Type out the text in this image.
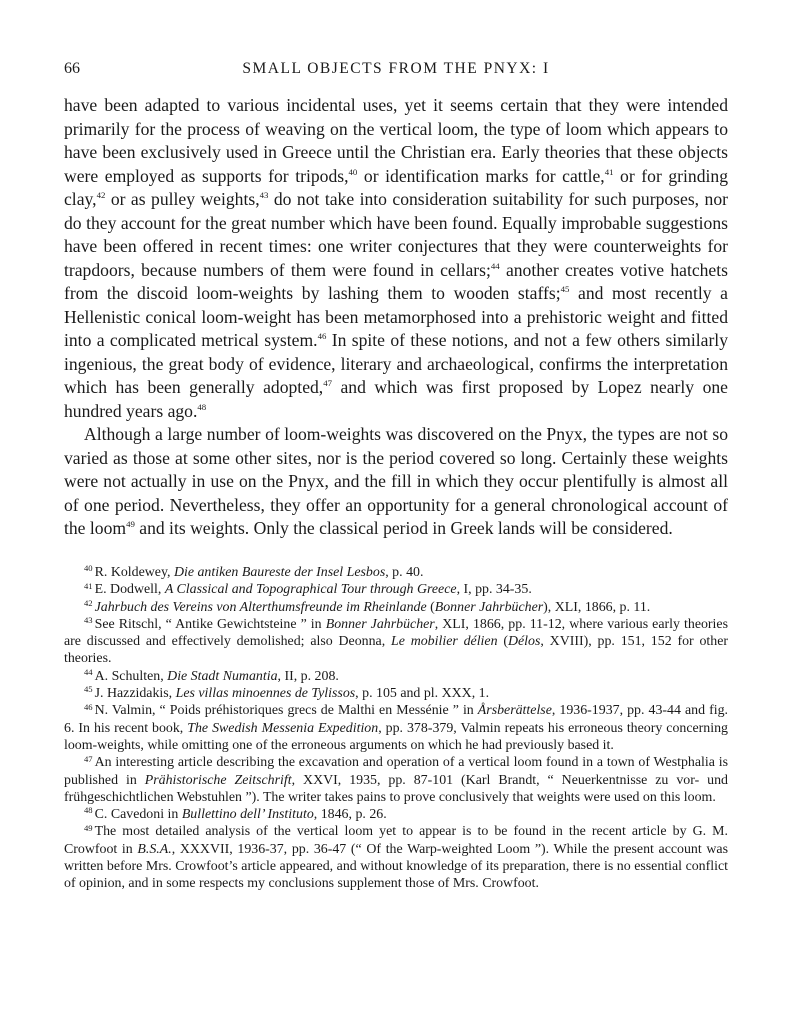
66	SMALL OBJECTS FROM THE PNYX: I

have been adapted to various incidental uses, yet it seems certain that they were intended primarily for the process of weaving on the vertical loom, the type of loom which appears to have been exclusively used in Greece until the Christian era. Early theories that these objects were employed as supports for tripods,$^{40}$ or identification marks for cattle,$^{41}$ or for grinding clay,$^{42}$ or as pulley weights,$^{43}$ do not take into consideration suitability for such purposes, nor do they account for the great number which have been found. Equally improbable suggestions have been offered in recent times: one writer conjectures that they were counterweights for trapdoors, because numbers of them were found in cellars;$^{44}$ another creates votive hatchets from the discoid loom-weights by lashing them to wooden staffs;$^{45}$ and most recently a Hellenistic conical loom-weight has been metamorphosed into a prehistoric weight and fitted into a complicated metrical system.$^{46}$ In spite of these notions, and not a few others similarly ingenious, the great body of evidence, literary and archaeological, confirms the interpretation which has been generally adopted,$^{47}$ and which was first proposed by Lopez nearly one hundred years ago.$^{48}$

Although a large number of loom-weights was discovered on the Pnyx, the types are not so varied as those at some other sites, nor is the period covered so long. Certainly these weights were not actually in use on the Pnyx, and the fill in which they occur plentifully is almost all of one period. Nevertheless, they offer an opportunity for a general chronological account of the loom$^{49}$ and its weights. Only the classical period in Greek lands will be considered.

$^{40}$ R. Koldewey, Die antiken Baureste der Insel Lesbos, p. 40.

$^{41}$ E. Dodwell, A Classical and Topographical Tour through Greece, I, pp. 34-35.

$^{42}$ Jahrbuch des Vereins von Alterthumsfreunde im Rheinlande (Bonner Jahrbücher), XLI, 1866, p. 11.

$^{43}$ See Ritschl, “ Antike Gewichtsteine ” in Bonner Jahrbücher, XLI, 1866, pp. 11-12, where various early theories are discussed and effectively demolished; also Deonna, Le mobilier délien (Délos, XVIII), pp. 151, 152 for other theories.

$^{44}$ A. Schulten, Die Stadt Numantia, II, p. 208.

$^{45}$ J. Hazzidakis, Les villas minoennes de Tylissos, p. 105 and pl. XXX, 1.

$^{46}$ N. Valmin, “ Poids préhistoriques grecs de Malthi en Messénie ” in Årsberättelse, 1936-1937, pp. 43-44 and fig. 6. In his recent book, The Swedish Messenia Expedition, pp. 378-379, Valmin repeats his erroneous theory concerning loom-weights, while omitting one of the erroneous arguments on which he had previously based it.

$^{47}$ An interesting article describing the excavation and operation of a vertical loom found in a town of Westphalia is published in Prähistorische Zeitschrift, XXVI, 1935, pp. 87-101 (Karl Brandt, “ Neuerkentnisse zu vor- und frühgeschichtlichen Webstuhlen ”). The writer takes pains to prove conclusively that weights were used on this loom.

$^{48}$ C. Cavedoni in Bullettino dell’ Instituto, 1846, p. 26.

$^{49}$ The most detailed analysis of the vertical loom yet to appear is to be found in the recent article by G. M. Crowfoot in B.S.A., XXXVII, 1936-37, pp. 36-47 (“ Of the Warp-weighted Loom ”). While the present account was written before Mrs. Crowfoot’s article appeared, and without knowledge of its preparation, there is no essential conflict of opinion, and in some respects my conclusions supplement those of Mrs. Crowfoot.
